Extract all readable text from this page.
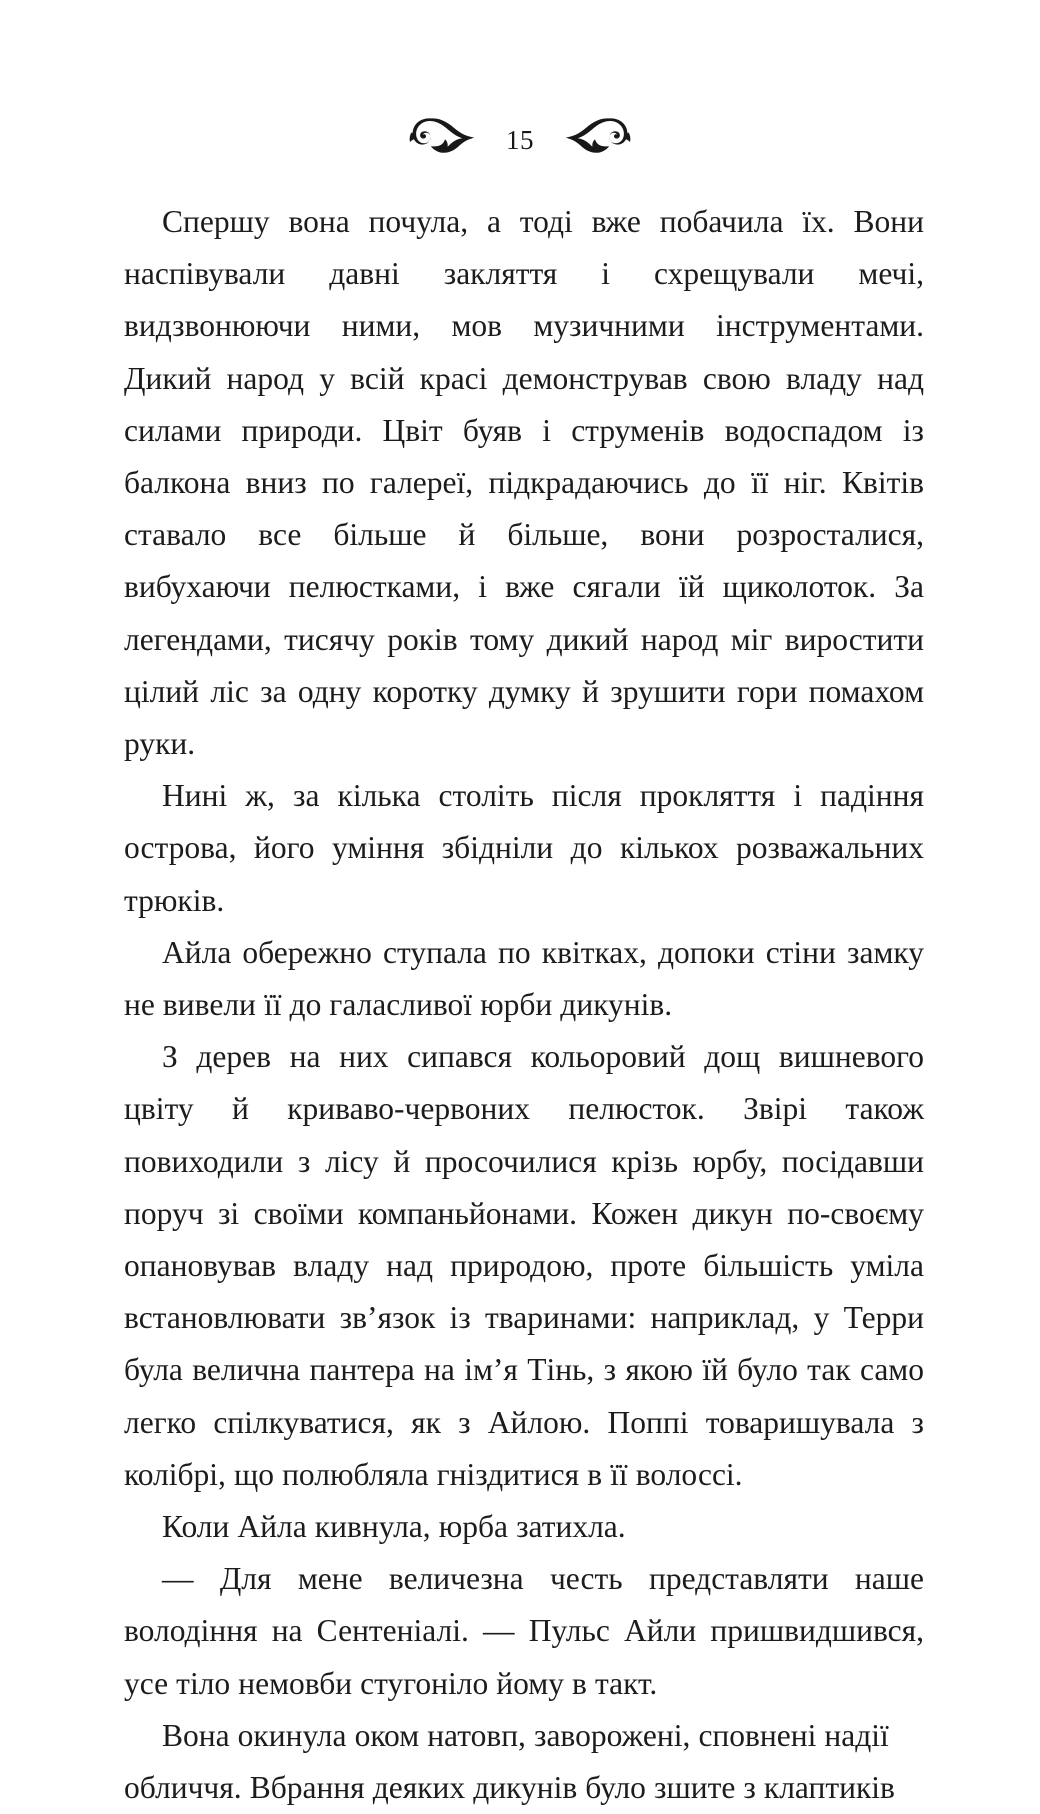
15

Спершу вона почула, а тоді вже побачила їх. Вони наспівували давні закляття і схрещували мечі, видзвонюючи ними, мов музичними інструментами. Дикий народ у всій красі демонстрував свою владу над силами природи. Цвіт буяв і струменів водоспадом із балкона вниз по галереї, підкрадаючись до її ніг. Квітів ставало все більше й більше, вони розросталися, вибухаючи пелюстками, і вже сягали їй щиколоток. За легендами, тисячу років тому дикий народ міг виростити цілий ліс за одну коротку думку й зрушити гори помахом руки.

Нині ж, за кілька століть після прокляття і падіння острова, його уміння збідніли до кількох розважальних трюків.

Айла обережно ступала по квітках, допоки стіни замку не вивели її до галасливої юрби дикунів.

З дерев на них сипався кольоровий дощ вишневого цвіту й криваво-червоних пелюсток. Звірі також повиходили з лісу й просочилися крізь юрбу, посідавши поруч зі своїми компаньйонами. Кожен дикун по-своєму опановував владу над природою, проте більшість уміла встановлювати зв’язок із тваринами: наприклад, у Терри була велична пантера на ім’я Тінь, з якою їй було так само легко спілкуватися, як з Айлою. Поппі товаришувала з колібрі, що полюбляла гніздитися в її волоссі.

Коли Айла кивнула, юрба затихла.

— Для мене величезна честь представляти наше володіння на Сентеніалі. — Пульс Айли пришвидшився, усе тіло немовби стугоніло йому в такт.

Вона окинула оком натовп, заворожені, сповнені надії обличчя. Вбрання деяких дикунів було зшите з клаптиків
